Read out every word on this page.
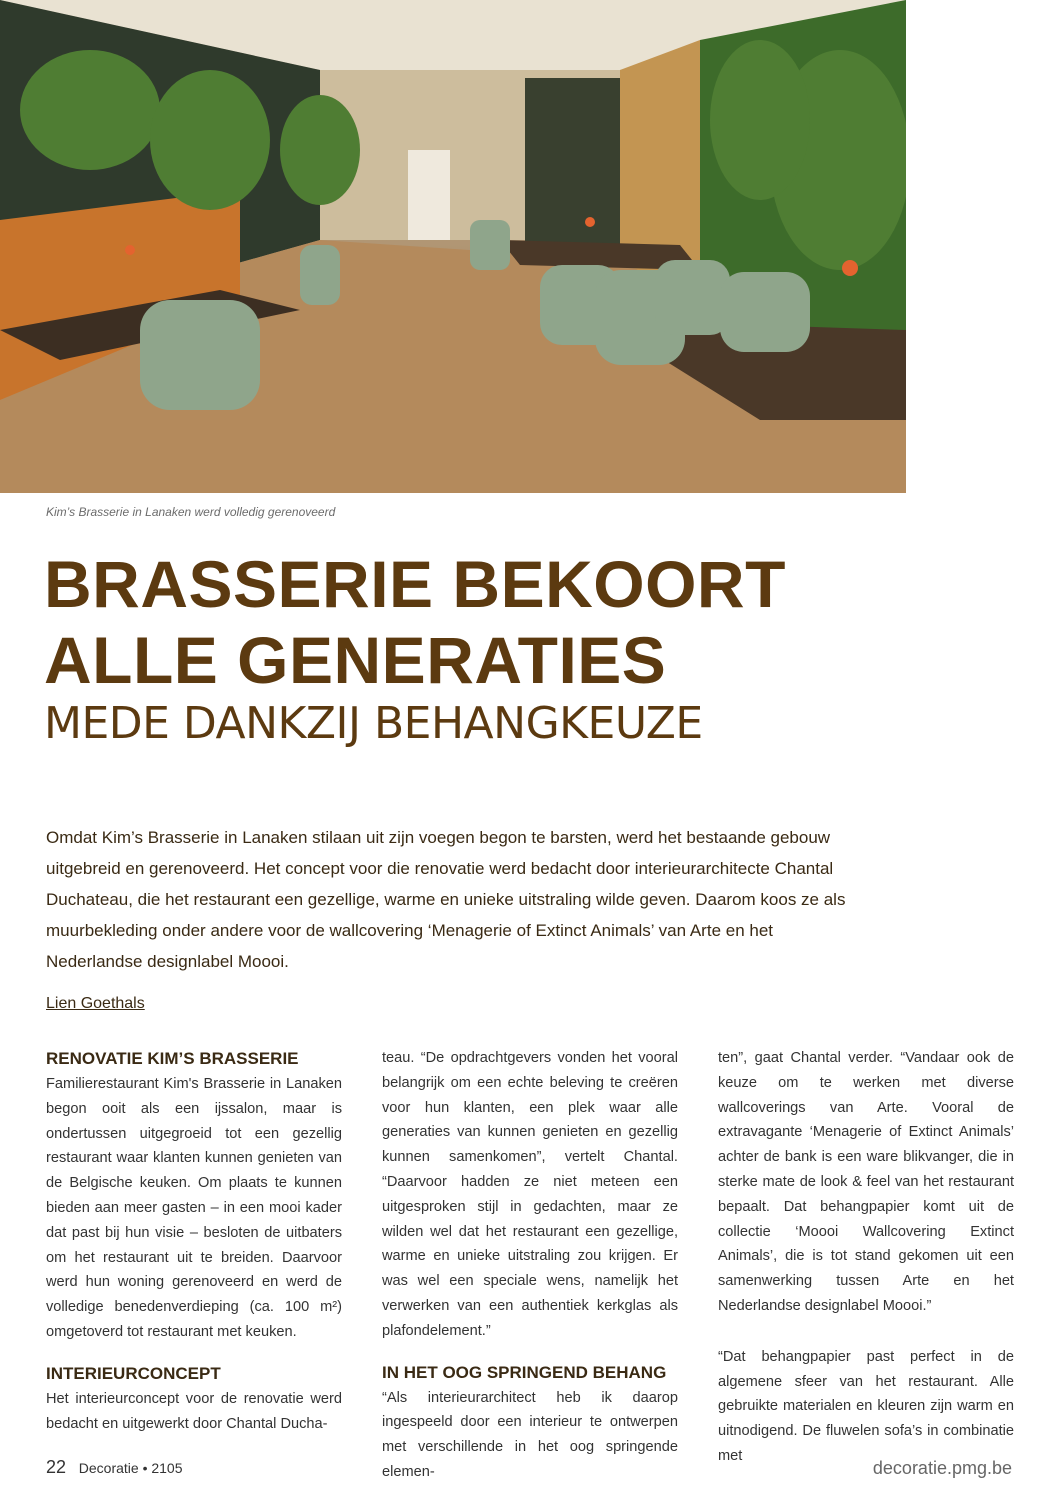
Kim’s Brasserie in Lanaken werd volledig gerenoveerd
BRASSERIE BEKOORT
ALLE GENERATIES
MEDE DANKZIJ BEHANGKEUZE

Omdat Kim’s Brasserie in Lanaken stilaan uit zijn voegen begon te barsten, werd het bestaande gebouw uitgebreid en gerenoveerd. Het concept voor die renovatie werd bedacht door interieurarchitecte Chantal Duchateau, die het restaurant een gezellige, warme en unieke uitstraling wilde geven. Daarom koos ze als muurbekleding onder andere voor de wallcovering ‘Menagerie of Extinct Animals’ van Arte en het Nederlandse designlabel Moooi.

Lien Goethals
RENOVATIE KIM’S BRASSERIE

Familierestaurant Kim's Brasserie in Lanaken begon ooit als een ijssalon, maar is ondertussen uitgegroeid tot een gezellig restaurant waar klanten kunnen genieten van de Belgische keuken. Om plaats te kunnen bieden aan meer gasten – in een mooi kader dat past bij hun visie – besloten de uitbaters om het restaurant uit te breiden. Daarvoor werd hun woning gerenoveerd en werd de volledige benedenverdieping (ca. 100 m²) omgetoverd tot restaurant met keuken.

INTERIEURCONCEPT

Het interieurconcept voor de renovatie werd bedacht en uitgewerkt door Chantal Ducha-

teau. “De opdrachtgevers vonden het vooral belangrijk om een echte beleving te creëren voor hun klanten, een plek waar alle generaties van kunnen genieten en gezellig kunnen samenkomen”, vertelt Chantal. “Daarvoor hadden ze niet meteen een uitgesproken stijl in gedachten, maar ze wilden wel dat het restaurant een gezellige, warme en unieke uitstraling zou krijgen. Er was wel een speciale wens, namelijk het verwerken van een authentiek kerkglas als plafondelement.”

IN HET OOG SPRINGEND BEHANG

“Als interieurarchitect heb ik daarop ingespeeld door een interieur te ontwerpen met verschillende in het oog springende elemen-

ten”, gaat Chantal verder. “Vandaar ook de keuze om te werken met diverse wallcoverings van Arte. Vooral de extravagante ‘Menagerie of Extinct Animals’ achter de bank is een ware blikvanger, die in sterke mate de look & feel van het restaurant bepaalt. Dat behangpapier komt uit de collectie ‘Moooi Wallcovering Extinct Animals’, die is tot stand gekomen uit een samenwerking tussen Arte en het Nederlandse designlabel Moooi.”

“Dat behangpapier past perfect in de algemene sfeer van het restaurant. Alle gebruikte materialen en kleuren zijn warm en uitnodigend. De fluwelen sofa’s in combinatie met

22 Decoratie • 2105	decoratie.pmg.be
